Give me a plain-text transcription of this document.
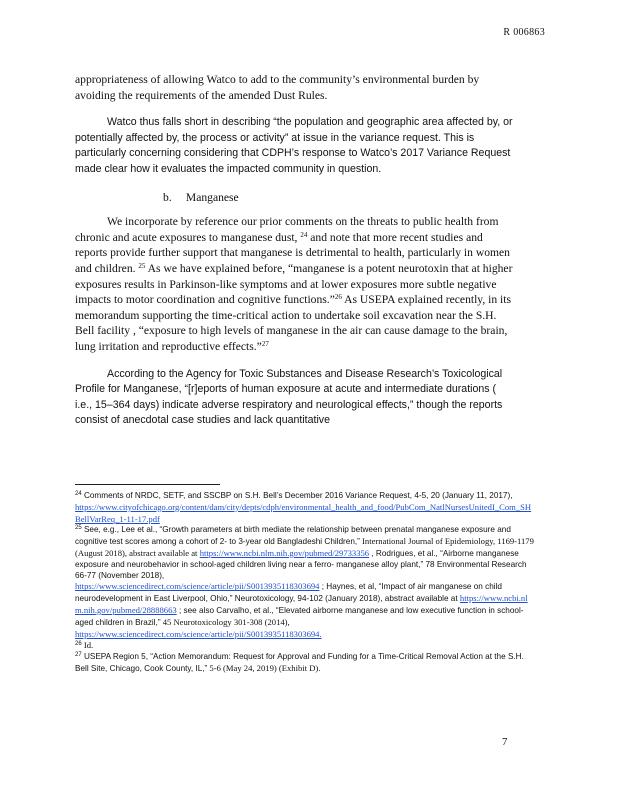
R 006863

appropriateness of allowing Watco to add to the community’s environmental burden by avoiding the requirements of the amended Dust Rules.

Watco thus falls short in describing “the population and geographic area affected by, or potentially affected by, the process or activity” at issue in the variance request. This is particularly concerning considering that CDPH’s response to Watco’s 2017 Variance Request made clear how it evaluates the impacted community in question.

b. Manganese

We incorporate by reference our prior comments on the threats to public health from chronic and acute exposures to manganese dust, $^{24}$ and note that more recent studies and reports provide further support that manganese is detrimental to health, particularly in women and children. $^{25}$ As we have explained before, “manganese is a potent neurotoxin that at higher exposures results in Parkinson-like symptoms and at lower exposures more subtle negative impacts to motor coordination and cognitive functions.”$^{26}$ As USEPA explained recently, in its memorandum supporting the time-critical action to undertake soil excavation near the S.H. Bell facility , “exposure to high levels of manganese in the air can cause damage to the brain, lung irritation and reproductive effects.”$^{27}$

According to the Agency for Toxic Substances and Disease Research’s Toxicological Profile for Manganese, “[r]eports of human exposure at acute and intermediate durations ( i.e., 15–364 days) indicate adverse respiratory and neurological effects,” though the reports consist of anecdotal case studies and lack quantitative

$^{24}$ Comments of NRDC, SETF, and SSCBP on S.H. Bell’s December 2016 Variance Request, 4-5, 20 (January 11, 2017),
https://www.cityofchicago.org/content/dam/city/depts/cdph/environmental_health_and_food/PubCom_NatlNursesUnitedI_Com_SHBellVarReq_1-11-17.pdf

$^{25}$ See, e.g., Lee et al., “Growth parameters at birth mediate the relationship between prenatal manganese exposure and cognitive test scores among a cohort of 2- to 3-year old Bangladeshi Children,” International Journal of Epidemiology, 1169-1179 (August 2018), abstract available at https://www.ncbi.nlm.nih.gov/pubmed/29733356 , Rodrigues, et al., “Airborne manganese exposure and neurobehavior in school-aged children living near a ferro- manganese alloy plant,” 78 Environmental Research 66-77 (November 2018),
https://www.sciencedirect.com/science/article/pii/S0013935118303694 ; Haynes, et al, “Impact of air manganese on child neurodevelopment in East Liverpool, Ohio,” Neurotoxicology, 94-102 (January 2018), abstract available at https://www.ncbi.nlm.nih.gov/pubmed/28888663 ; see also Carvalho, et al., “Elevated airborne manganese and low executive function in school-aged children in Brazil,” 45 Neurotoxicology 301-308 (2014),
https://www.sciencedirect.com/science/article/pii/S0013935118303694.

$^{26}$ Id.

$^{27}$ USEPA Region 5, “Action Memorandum: Request for Approval and Funding for a Time-Critical Removal Action at the S.H. Bell Site, Chicago, Cook County, IL,” 5-6 (May 24, 2019) (Exhibit D).

7
